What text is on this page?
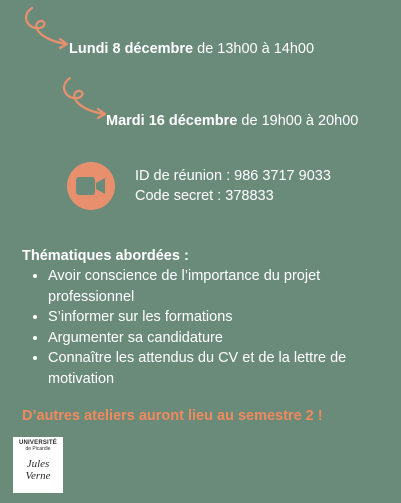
Lundi 8 décembre de 13h00 à 14h00
Mardi 16 décembre de 19h00 à 20h00
ID de réunion : 986 3717 9033
Code secret : 378833
Thématiques abordées :
• Avoir conscience de l’importance du projet professionnel
• S’informer sur les formations
• Argumenter sa candidature
• Connaître les attendus du CV et de la lettre de motivation
D’autres ateliers auront lieu au semestre 2 !
UNIVERSITÉ
de Picardie
Jules Verne
